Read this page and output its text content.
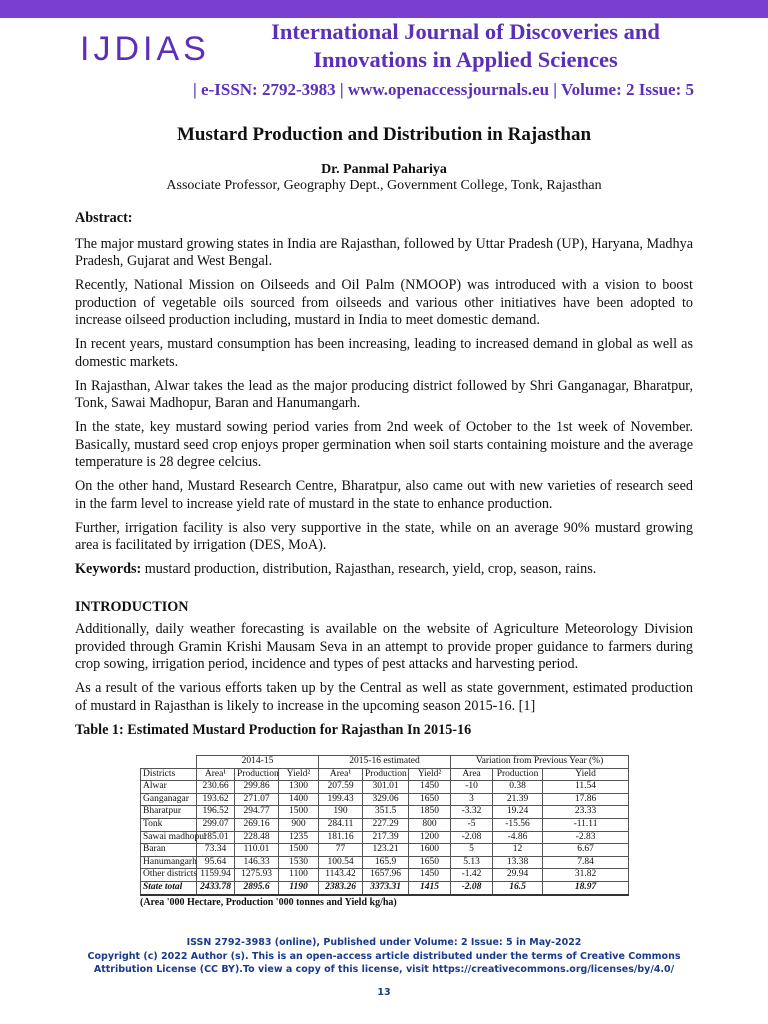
IJDIAS	International Journal of Discoveries and
Innovations in Applied Sciences
| e-ISSN: 2792-3983 | www.openaccessjournals.eu | Volume: 2 Issue: 5
Mustard Production and Distribution in Rajasthan
Dr. Panmal Pahariya
Associate Professor, Geography Dept., Government College, Tonk, Rajasthan
Abstract:

The major mustard growing states in India are Rajasthan, followed by Uttar Pradesh (UP), Haryana, Madhya Pradesh, Gujarat and West Bengal.

Recently, National Mission on Oilseeds and Oil Palm (NMOOP) was introduced with a vision to boost production of vegetable oils sourced from oilseeds and various other initiatives have been adopted to increase oilseed production including, mustard in India to meet domestic demand.

In recent years, mustard consumption has been increasing, leading to increased demand in global as well as domestic markets.

In Rajasthan, Alwar takes the lead as the major producing district followed by Shri Ganganagar, Bharatpur, Tonk, Sawai Madhopur, Baran and Hanumangarh.

In the state, key mustard sowing period varies from 2nd week of October to the 1st week of November. Basically, mustard seed crop enjoys proper germination when soil starts containing moisture and the average temperature is 28 degree celcius.

On the other hand, Mustard Research Centre, Bharatpur, also came out with new varieties of research seed in the farm level to increase yield rate of mustard in the state to enhance production.

Further, irrigation facility is also very supportive in the state, while on an average 90% mustard growing area is facilitated by irrigation (DES, MoA).

Keywords: mustard production, distribution, Rajasthan, research, yield, crop, season, rains.

INTRODUCTION

Additionally, daily weather forecasting is available on the website of Agriculture Meteorology Division provided through Gramin Krishi Mausam Seva in an attempt to provide proper guidance to farmers during crop sowing, irrigation period, incidence and types of pest attacks and harvesting period.

As a result of the various efforts taken up by the Central as well as state government, estimated production of mustard in Rajasthan is likely to increase in the upcoming season 2015-16. [1]

Table 1: Estimated Mustard Production for Rajasthan In 2015-16

	2014-15			2015-16 estimated			Variation from Previous Year (%)		
Districts	Area¹	Production	Yield²	Area¹	Production	Yield²	Area	Production	Yield
Alwar	230.66	299.86	1300	207.59	301.01	1450	-10	0.38	11.54
Ganganagar	193.62	271.07	1400	199.43	329.06	1650	3	21.39	17.86
Bharatpur	196.52	294.77	1500	190	351.5	1850	-3.32	19.24	23.33
Tonk	299.07	269.16	900	284.11	227.29	800	-5	-15.56	-11.11
Sawai madhopur	185.01	228.48	1235	181.16	217.39	1200	-2.08	-4.86	-2.83
Baran	73.34	110.01	1500	77	123.21	1600	5	12	6.67
Hanumangarh	95.64	146.33	1530	100.54	165.9	1650	5.13	13.38	7.84
Other districts	1159.94	1275.93	1100	1143.42	1657.96	1450	-1.42	29.94	31.82
State total	2433.78	2895.6	1190	2383.26	3373.31	1415	-2.08	16.5	18.97
(Area '000 Hectare, Production '000 tonnes and Yield kg/ha)
ISSN 2792-3983 (online), Published under Volume: 2 Issue: 5 in May-2022
Copyright (c) 2022 Author (s). This is an open-access article distributed under the terms of Creative Commons
Attribution License (CC BY).To view a copy of this license, visit https://creativecommons.org/licenses/by/4.0/
13
